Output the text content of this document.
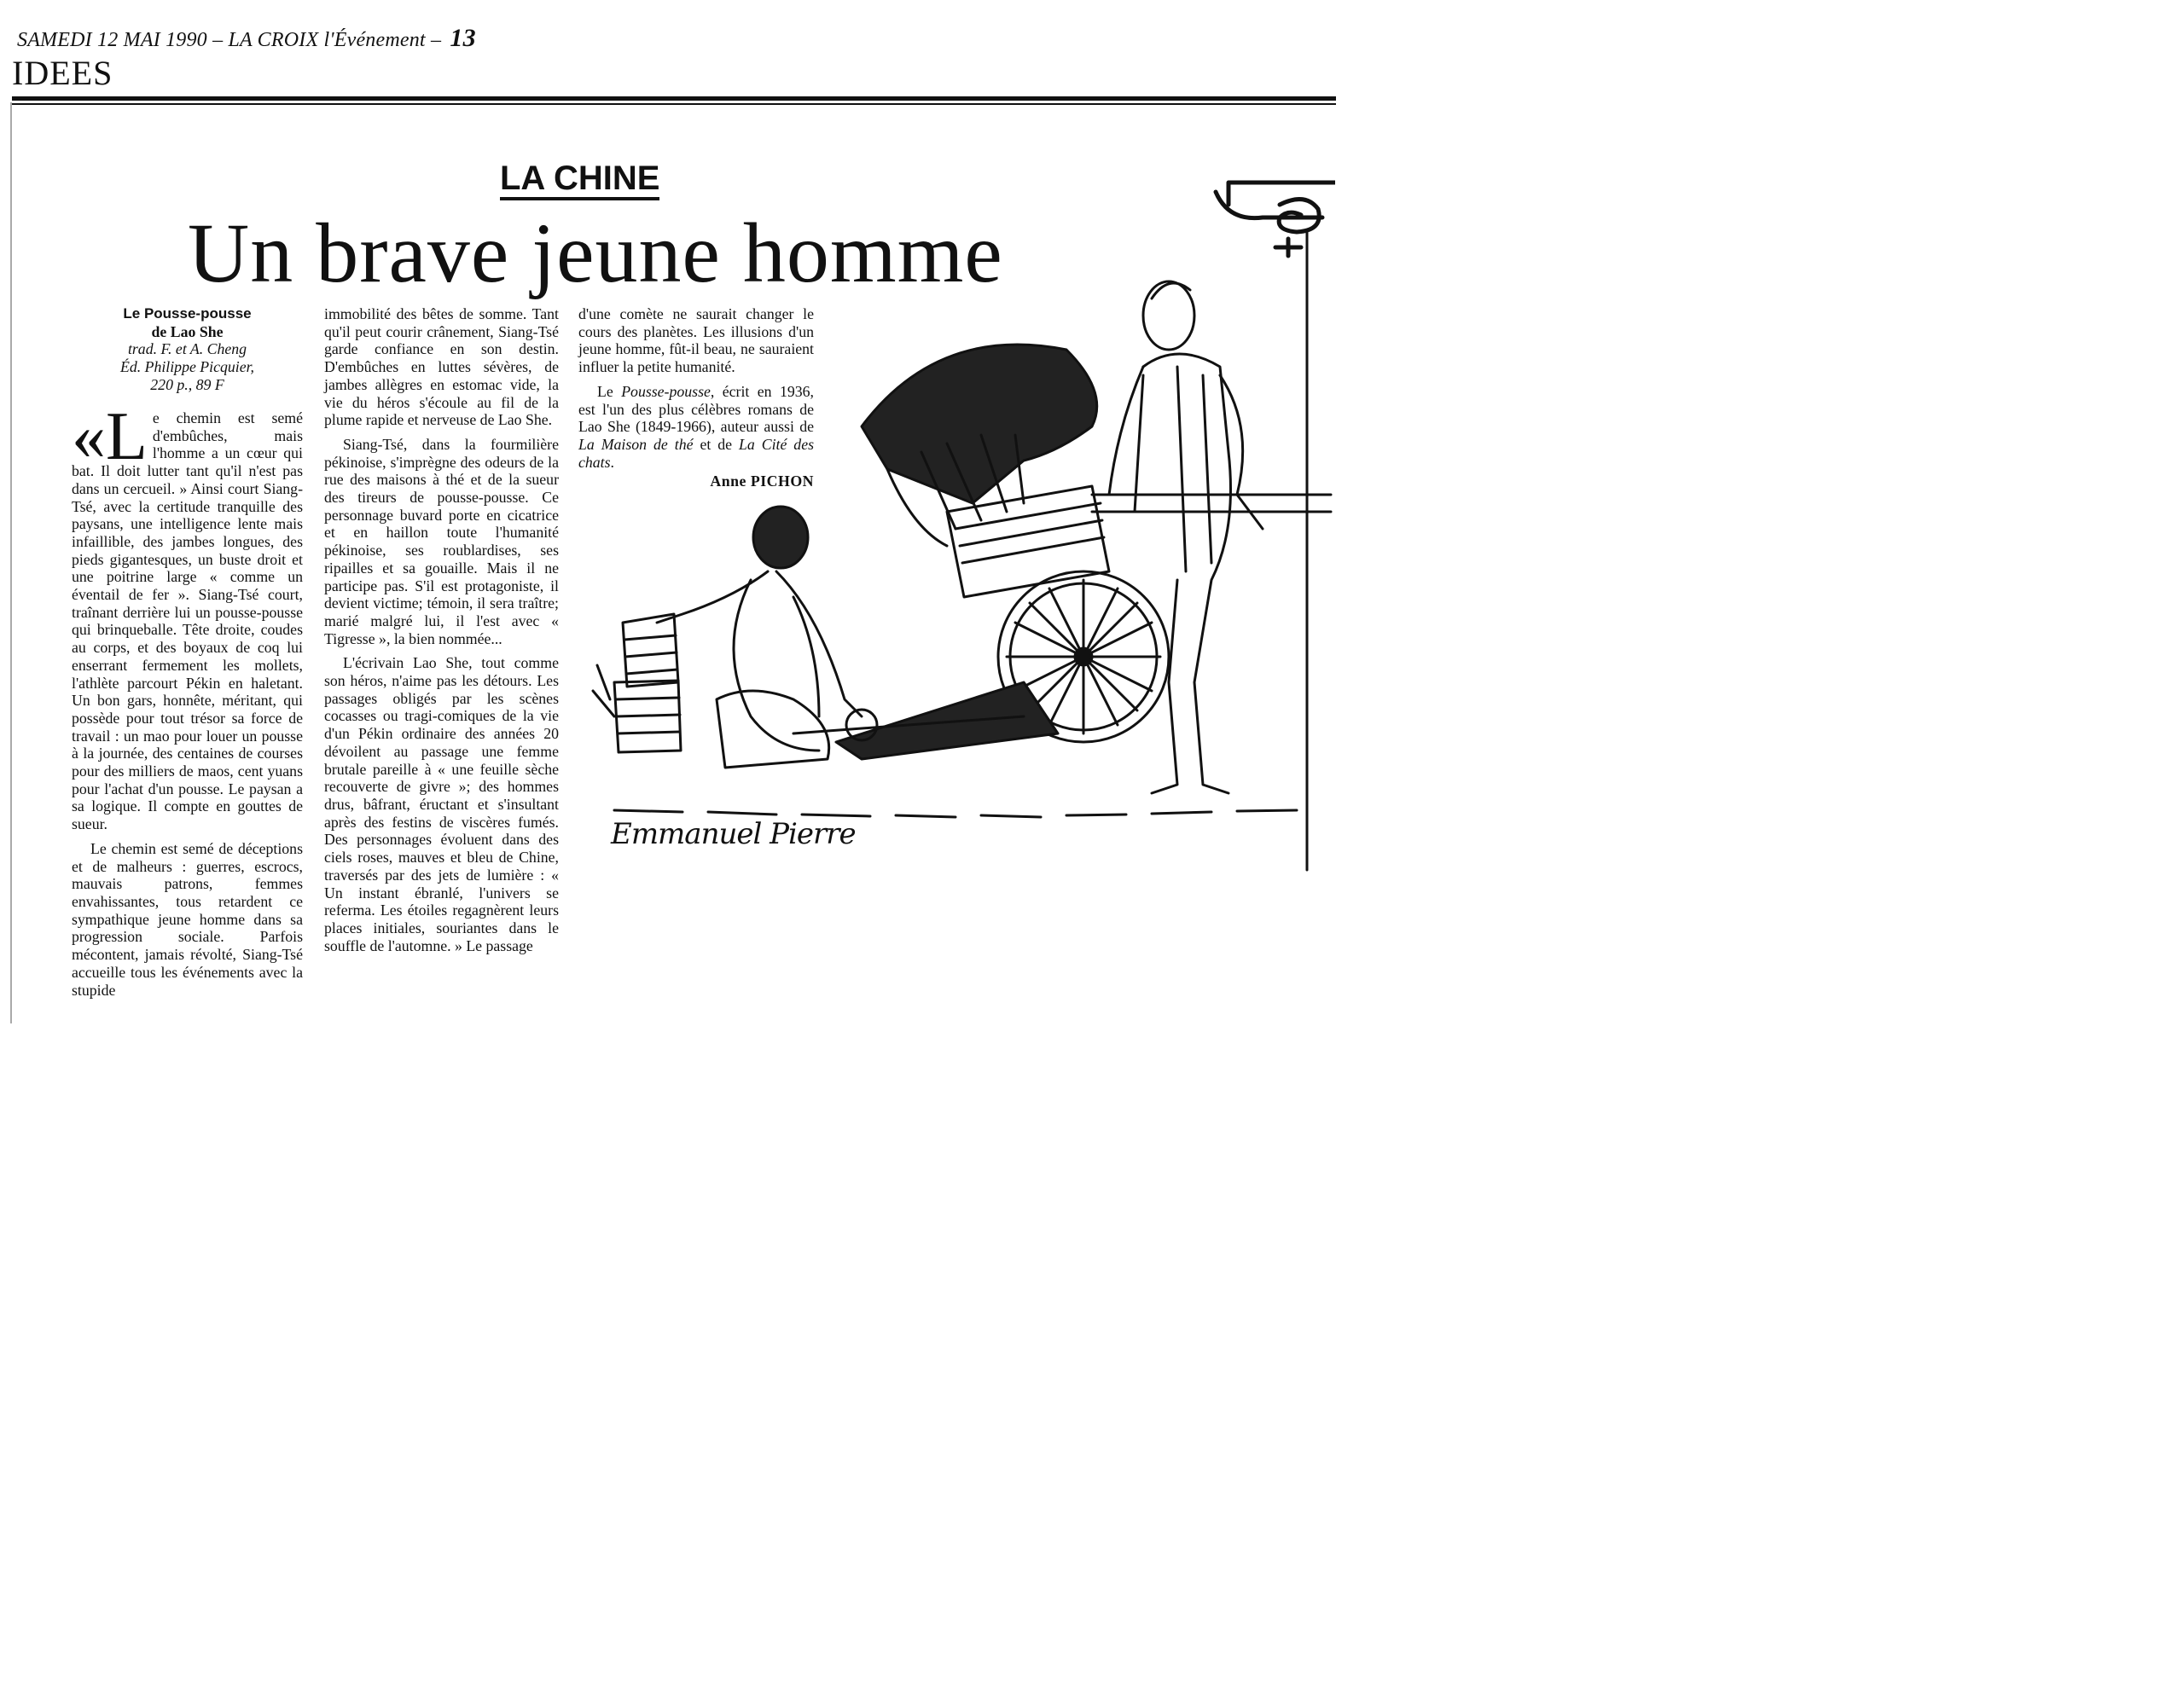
SAMEDI 12 MAI 1990 – LA CROIX l'Événement – 13
IDEES
LA CHINE
Un brave jeune homme
Le Pousse-pousse
de Lao She
trad. F. et A. Cheng
Éd. Philippe Picquier,
220 p., 89 F

«Le chemin est semé d'embûches, mais l'homme a un cœur qui bat. Il doit lutter tant qu'il n'est pas dans un cercueil. » Ainsi court Siang-Tsé, avec la certitude tranquille des paysans, une intelligence lente mais infaillible, des jambes longues, des pieds gigantesques, un buste droit et une poitrine large « comme un éventail de fer ». Siang-Tsé court, traînant derrière lui un pousse-pousse qui brinqueballe. Tête droite, coudes au corps, et des boyaux de coq lui enserrant fermement les mollets, l'athlète parcourt Pékin en haletant. Un bon gars, honnête, méritant, qui possède pour tout trésor sa force de travail : un mao pour louer un pousse à la journée, des centaines de courses pour des milliers de maos, cent yuans pour l'achat d'un pousse. Le paysan a sa logique. Il compte en gouttes de sueur.

Le chemin est semé de déceptions et de malheurs : guerres, escrocs, mauvais patrons, femmes envahissantes, tous retardent ce sympathique jeune homme dans sa progression sociale. Parfois mécontent, jamais révolté, Siang-Tsé accueille tous les événements avec la stupide

immobilité des bêtes de somme. Tant qu'il peut courir crânement, Siang-Tsé garde confiance en son destin. D'embûches en luttes sévères, de jambes allègres en estomac vide, la vie du héros s'écoule au fil de la plume rapide et nerveuse de Lao She.

Siang-Tsé, dans la fourmilière pékinoise, s'imprègne des odeurs de la rue des maisons à thé et de la sueur des tireurs de pousse-pousse. Ce personnage buvard porte en cicatrice et en haillon toute l'humanité pékinoise, ses roublardises, ses ripailles et sa gouaille. Mais il ne participe pas. S'il est protagoniste, il devient victime; témoin, il sera traître; marié malgré lui, il l'est avec « Tigresse », la bien nommée...

L'écrivain Lao She, tout comme son héros, n'aime pas les détours. Les passages obligés par les scènes cocasses ou tragi-comiques de la vie d'un Pékin ordinaire des années 20 dévoilent au passage une femme brutale pareille à « une feuille sèche recouverte de givre »; des hommes drus, bâfrant, éructant et s'insultant après des festins de viscères fumés. Des personnages évoluent dans des ciels roses, mauves et bleu de Chine, traversés par des jets de lumière : « Un instant ébranlé, l'univers se referma. Les étoiles regagnèrent leurs places initiales, souriantes dans le souffle de l'automne. » Le passage

d'une comète ne saurait changer le cours des planètes. Les illusions d'un jeune homme, fût-il beau, ne sauraient influer la petite humanité.

Le Pousse-pousse, écrit en 1936, est l'un des plus célèbres romans de Lao She (1849-1966), auteur aussi de La Maison de thé et de La Cité des chats.

Anne PICHON
Emmanuel Pierre
